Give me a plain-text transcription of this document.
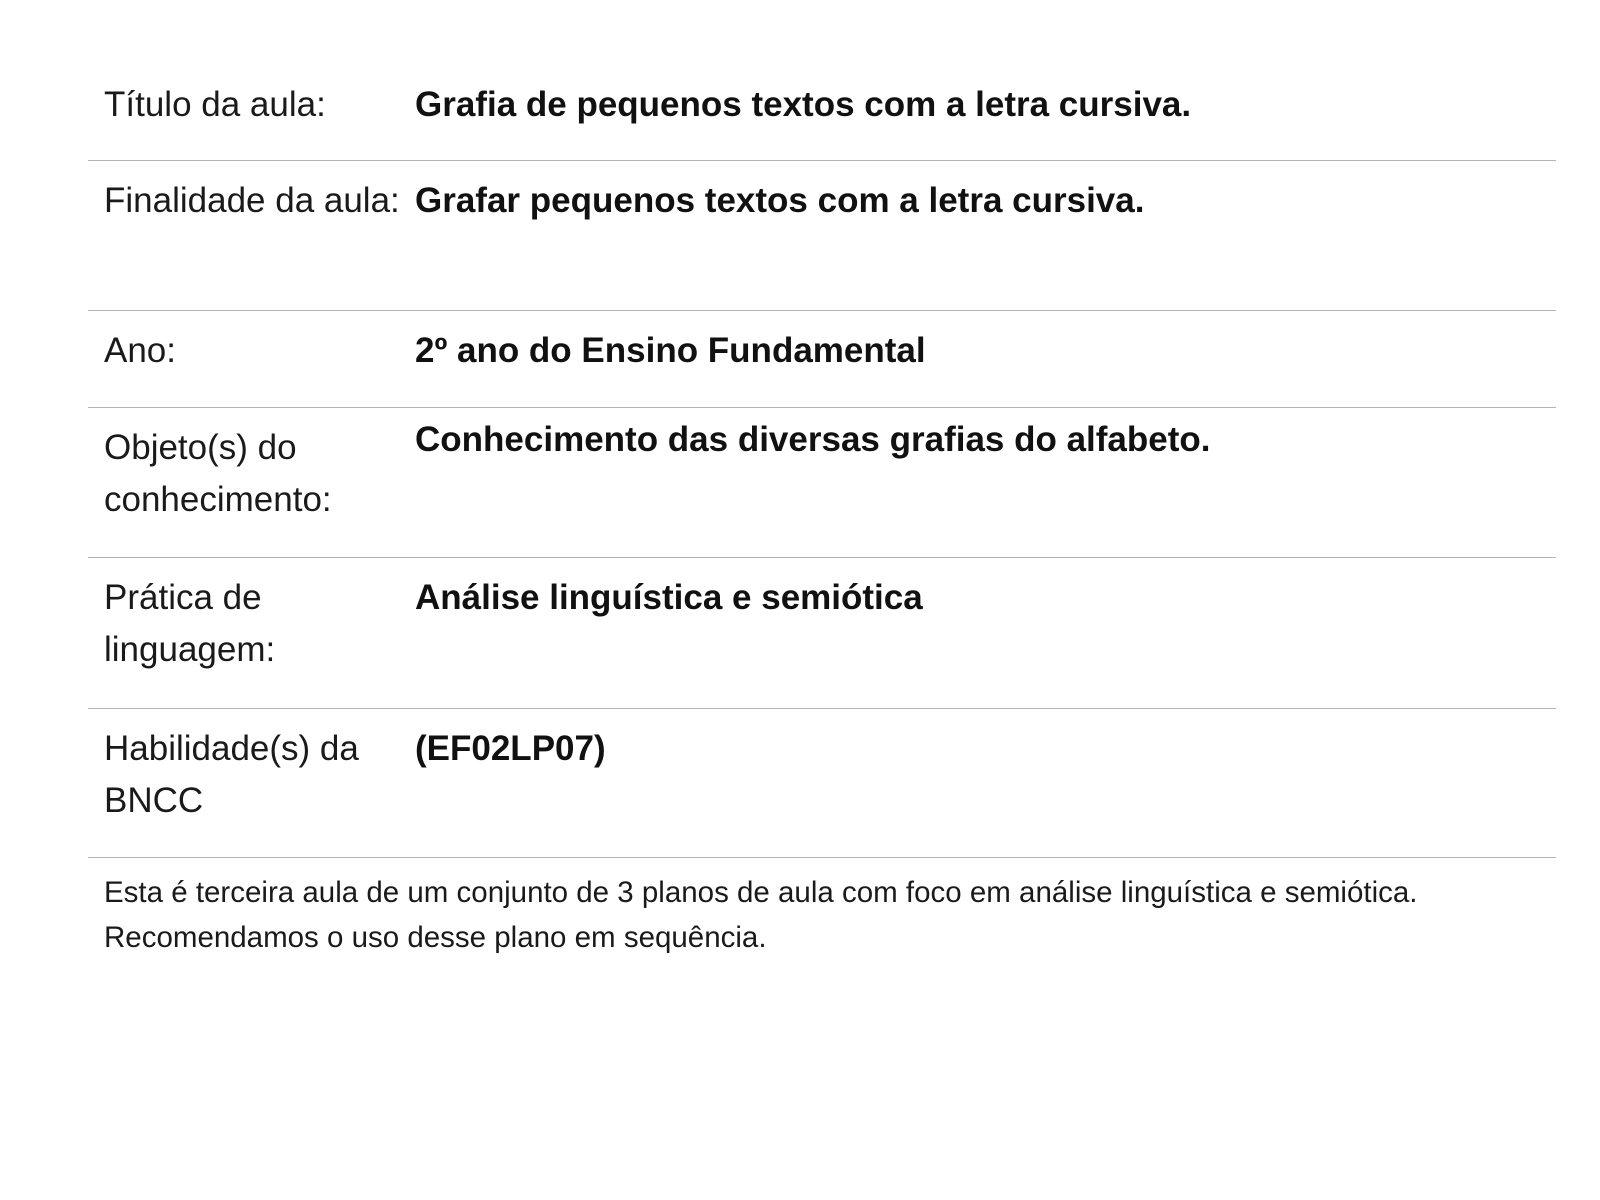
Título da aula:	Grafia de pequenos textos com a letra cursiva.
Finalidade da aula: Grafar pequenos textos com a letra cursiva.
Ano:	2º ano do Ensino Fundamental
Objeto(s) do conhecimento:
Conhecimento das diversas grafias do alfabeto.
Prática de linguagem:
Análise linguística e semiótica
Habilidade(s) da BNCC
(EF02LP07)
Esta é terceira aula de um conjunto de 3 planos de aula com foco em análise linguística e semiótica. Recomendamos o uso desse plano em sequência.
